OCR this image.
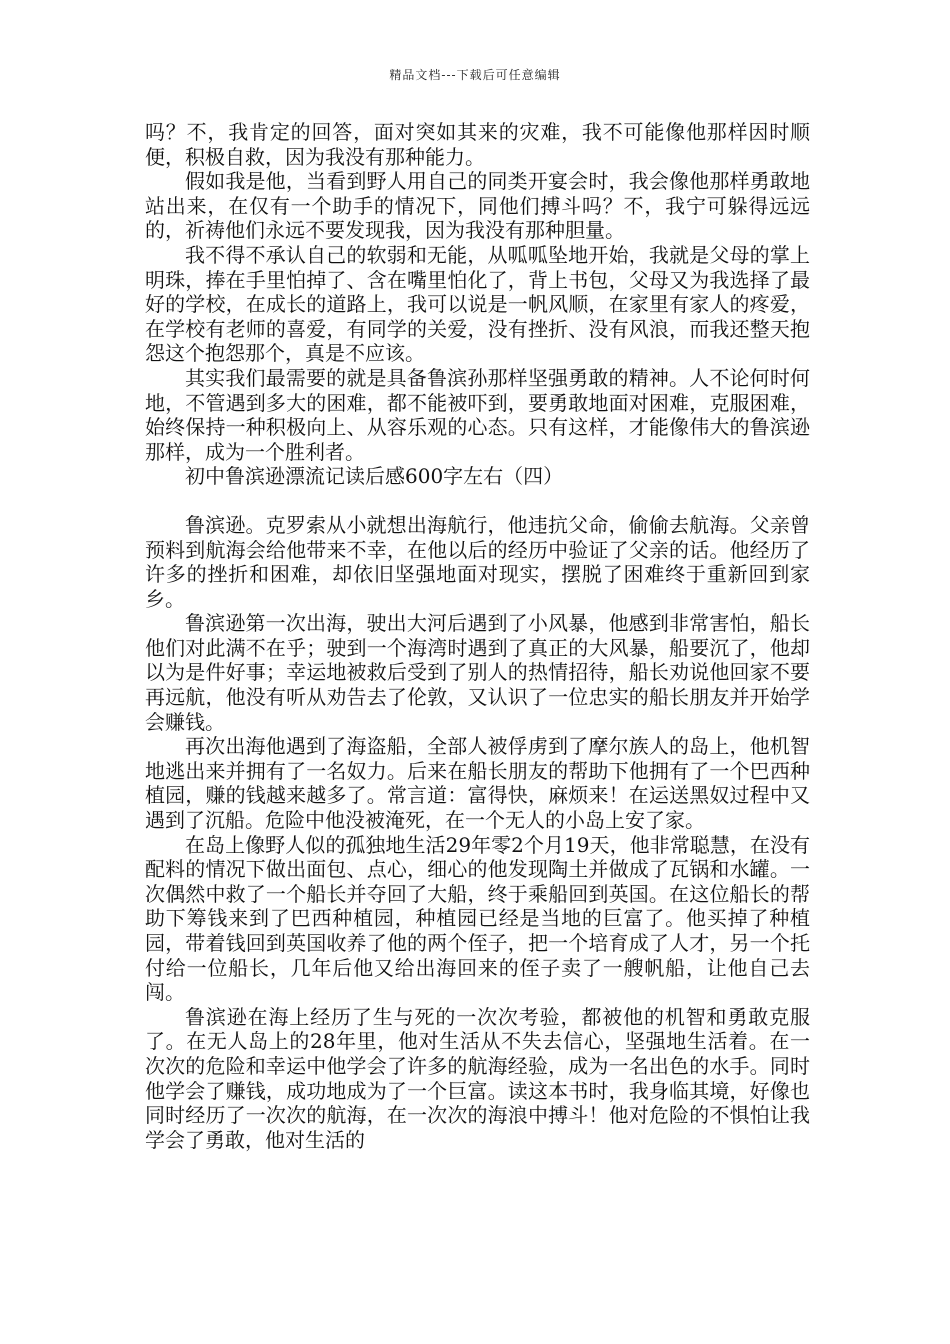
精品文档---下载后可任意编辑

吗？不，我肯定的回答，面对突如其来的灾难，我不可能像他那样因时顺便，积极自救，因为我没有那种能力。

假如我是他，当看到野人用自己的同类开宴会时，我会像他那样勇敢地站出来，在仅有一个助手的情况下，同他们搏斗吗？不，我宁可躲得远远的，祈祷他们永远不要发现我，因为我没有那种胆量。

我不得不承认自己的软弱和无能，从呱呱坠地开始，我就是父母的掌上明珠，捧在手里怕掉了、含在嘴里怕化了，背上书包，父母又为我选择了最好的学校，在成长的道路上，我可以说是一帆风顺，在家里有家人的疼爱，在学校有老师的喜爱，有同学的关爱，没有挫折、没有风浪，而我还整天抱怨这个抱怨那个，真是不应该。

其实我们最需要的就是具备鲁滨孙那样坚强勇敢的精神。人不论何时何地，不管遇到多大的困难，都不能被吓到，要勇敢地面对困难，克服困难，始终保持一种积极向上、从容乐观的心态。只有这样，才能像伟大的鲁滨逊那样，成为一个胜利者。

初中鲁滨逊漂流记读后感600字左右（四）

鲁滨逊。克罗索从小就想出海航行，他违抗父命，偷偷去航海。父亲曾预料到航海会给他带来不幸，在他以后的经历中验证了父亲的话。他经历了许多的挫折和困难，却依旧坚强地面对现实，摆脱了困难终于重新回到家乡。

鲁滨逊第一次出海，驶出大河后遇到了小风暴，他感到非常害怕，船长他们对此满不在乎；驶到一个海湾时遇到了真正的大风暴，船要沉了，他却以为是件好事；幸运地被救后受到了别人的热情招待，船长劝说他回家不要再远航，他没有听从劝告去了伦敦，又认识了一位忠实的船长朋友并开始学会赚钱。

再次出海他遇到了海盗船，全部人被俘虏到了摩尔族人的岛上，他机智地逃出来并拥有了一名奴力。后来在船长朋友的帮助下他拥有了一个巴西种植园，赚的钱越来越多了。常言道：富得快，麻烦来！在运送黑奴过程中又遇到了沉船。危险中他没被淹死，在一个无人的小岛上安了家。

在岛上像野人似的孤独地生活29年零2个月19天，他非常聪慧，在没有配料的情况下做出面包、点心，细心的他发现陶土并做成了瓦锅和水罐。一次偶然中救了一个船长并夺回了大船，终于乘船回到英国。在这位船长的帮助下筹钱来到了巴西种植园，种植园已经是当地的巨富了。他买掉了种植园，带着钱回到英国收养了他的两个侄子，把一个培育成了人才，另一个托付给一位船长，几年后他又给出海回来的侄子卖了一艘帆船，让他自己去闯。

鲁滨逊在海上经历了生与死的一次次考验，都被他的机智和勇敢克服了。在无人岛上的28年里，他对生活从不失去信心，坚强地生活着。在一次次的危险和幸运中他学会了许多的航海经验，成为一名出色的水手。同时他学会了赚钱，成功地成为了一个巨富。读这本书时，我身临其境，好像也同时经历了一次次的航海，在一次次的海浪中搏斗！他对危险的不惧怕让我学会了勇敢，他对生活的
